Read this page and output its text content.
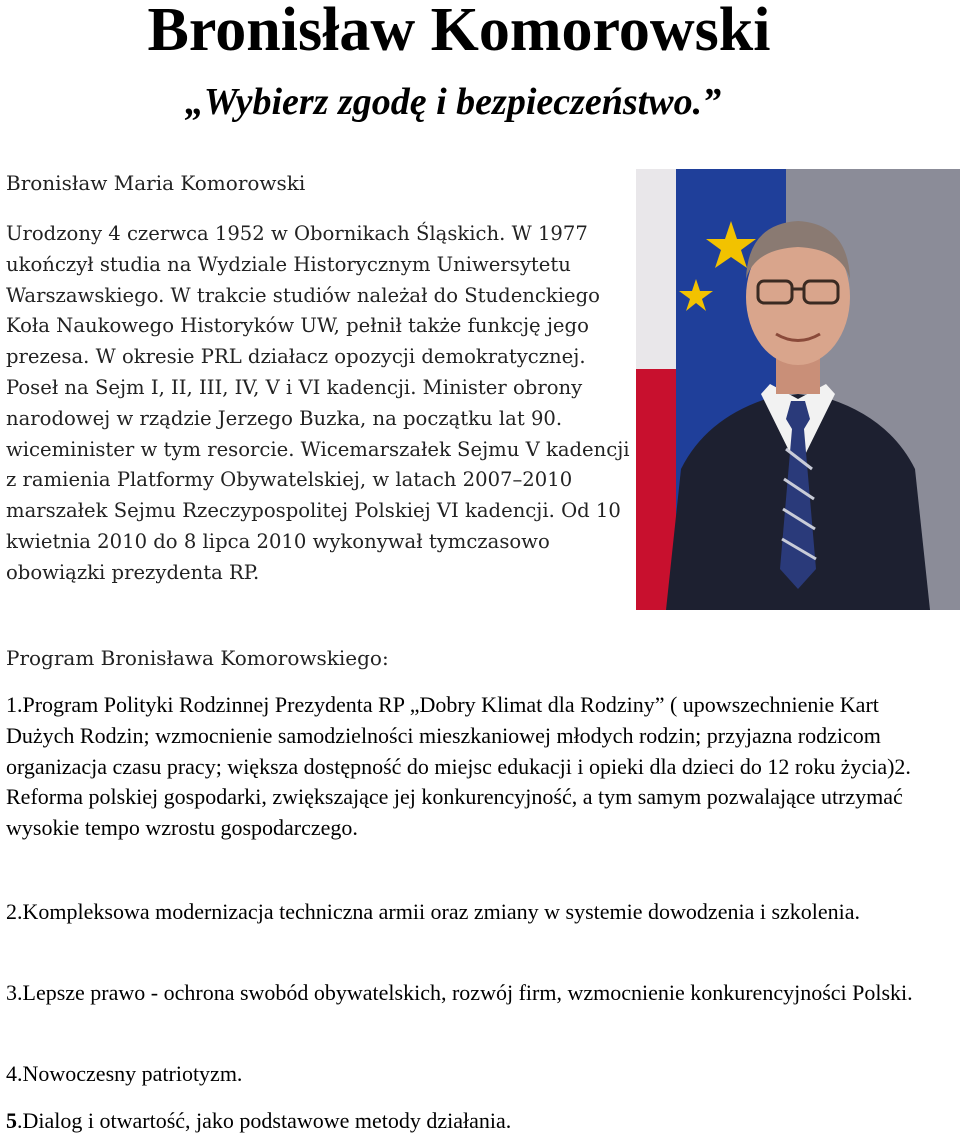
Bronisław Komorowski
„Wybierz zgodę i bezpieczeństwo.”
Bronisław Maria Komorowski

Urodzony 4 czerwca 1952 w Obornikach Śląskich. W 1977 ukończył studia na Wydziale Historycznym Uniwersytetu Warszawskiego. W trakcie studiów należał do Studenckiego Koła Naukowego Historyków UW, pełnił także funkcję jego prezesa. W okresie PRL działacz opozycji demokratycznej. Poseł na Sejm I, II, III, IV, V i VI kadencji. Minister obrony narodowej w rządzie Jerzego Buzka, na początku lat 90. wiceminister w tym resorcie. Wicemarszałek Sejmu V kadencji z ramienia Platformy Obywatelskiej, w latach 2007–2010 marszałek Sejmu Rzeczypospolitej Polskiej VI kadencji. Od 10 kwietnia 2010 do 8 lipca 2010 wykonywał tymczasowo obowiązki prezydenta RP.

Program Bronisława Komorowskiego:
1.Program Polityki Rodzinnej Prezydenta RP „Dobry Klimat dla Rodziny” ( upowszechnienie Kart Dużych Rodzin; wzmocnienie samodzielności mieszkaniowej młodych rodzin; przyjazna rodzicom organizacja czasu pracy; większa dostępność do miejsc edukacji i opieki dla dzieci do 12 roku życia)2. Reforma polskiej gospodarki, zwiększające jej konkurencyjność, a tym samym pozwalające utrzymać wysokie tempo wzrostu gospodarczego.
2.Kompleksowa modernizacja techniczna armii oraz zmiany w systemie dowodzenia i szkolenia.
3.Lepsze prawo - ochrona swobód obywatelskich, rozwój firm, wzmocnienie konkurencyjności Polski.
4.Nowoczesny patriotyzm.
5.Dialog i otwartość, jako podstawowe metody działania.
